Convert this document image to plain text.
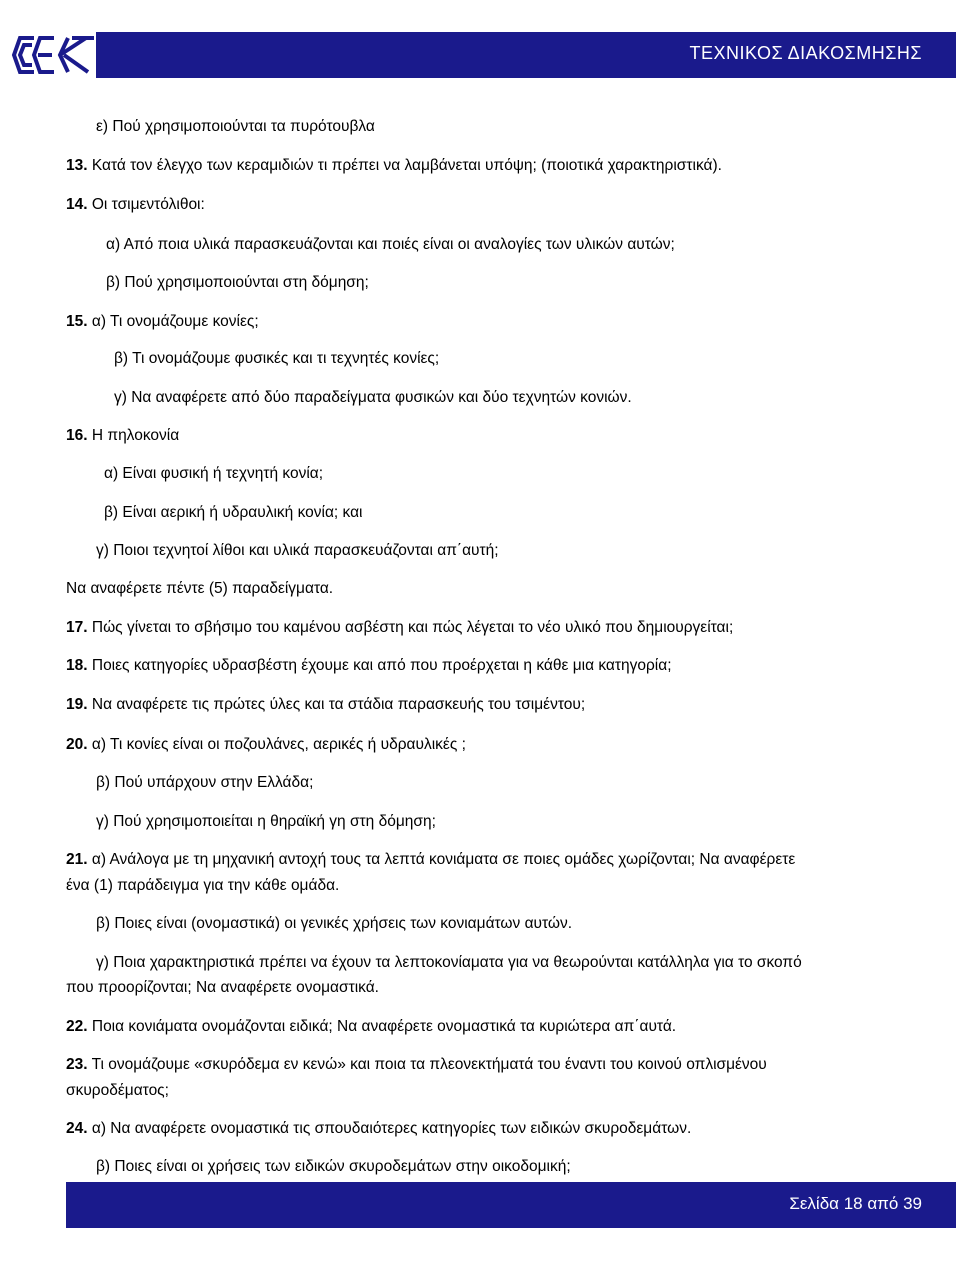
ΤΕΧΝΙΚΟΣ ΔΙΑΚΟΣΜΗΣΗΣ
ε) Πού χρησιμοποιούνται τα πυρότουβλα
13. Κατά τον έλεγχο των κεραμιδιών τι πρέπει να λαμβάνεται υπόψη; (ποιοτικά χαρακτηριστικά).
14. Οι τσιμεντόλιθοι:
α) Από ποια υλικά παρασκευάζονται και ποιές είναι οι αναλογίες των υλικών αυτών;
β) Πού χρησιμοποιούνται στη δόμηση;
15. α) Τι ονομάζουμε κονίες;
β) Τι ονομάζουμε φυσικές και τι τεχνητές κονίες;
γ) Να αναφέρετε από δύο παραδείγματα φυσικών και δύο τεχνητών κονιών.
16. Η πηλοκονία
α) Είναι φυσική ή τεχνητή κονία;
β) Είναι αερική ή υδραυλική κονία; και
γ) Ποιοι τεχνητοί λίθοι και υλικά παρασκευάζονται απ΄αυτή;
Να αναφέρετε πέντε (5) παραδείγματα.
17. Πώς γίνεται το σβήσιμο του καμένου ασβέστη και πώς λέγεται το νέο υλικό που δημιουργείται;
18. Ποιες κατηγορίες υδρασβέστη έχουμε και από που προέρχεται η κάθε μια κατηγορία;
19. Να αναφέρετε τις πρώτες ύλες και τα στάδια παρασκευής του τσιμέντου;
20. α) Τι κονίες είναι οι ποζουλάνες, αερικές ή υδραυλικές ;
β) Πού υπάρχουν στην Ελλάδα;
γ) Πού χρησιμοποιείται η θηραϊκή γη στη δόμηση;
21. α) Ανάλογα με τη μηχανική αντοχή τους τα λεπτά κονιάματα σε ποιες ομάδες χωρίζονται; Να αναφέρετε
ένα (1) παράδειγμα για την κάθε ομάδα.
β) Ποιες είναι (ονομαστικά) οι γενικές χρήσεις των κονιαμάτων αυτών.
γ) Ποια χαρακτηριστικά πρέπει να έχουν τα λεπτοκονίαματα για να θεωρούνται κατάλληλα για το σκοπό
που προορίζονται; Να αναφέρετε ονομαστικά.
22. Ποια κονιάματα ονομάζονται ειδικά; Να αναφέρετε ονομαστικά τα κυριώτερα απ΄αυτά.
23. Τι ονομάζουμε «σκυρόδεμα εν κενώ» και ποια τα πλεονεκτήματά του έναντι του κοινού οπλισμένου
σκυροδέματος;
24. α) Να αναφέρετε ονομαστικά τις σπουδαιότερες κατηγορίες των ειδικών σκυροδεμάτων.
β) Ποιες είναι οι χρήσεις των ειδικών σκυροδεμάτων στην οικοδομική;
Σελίδα 18 από 39
